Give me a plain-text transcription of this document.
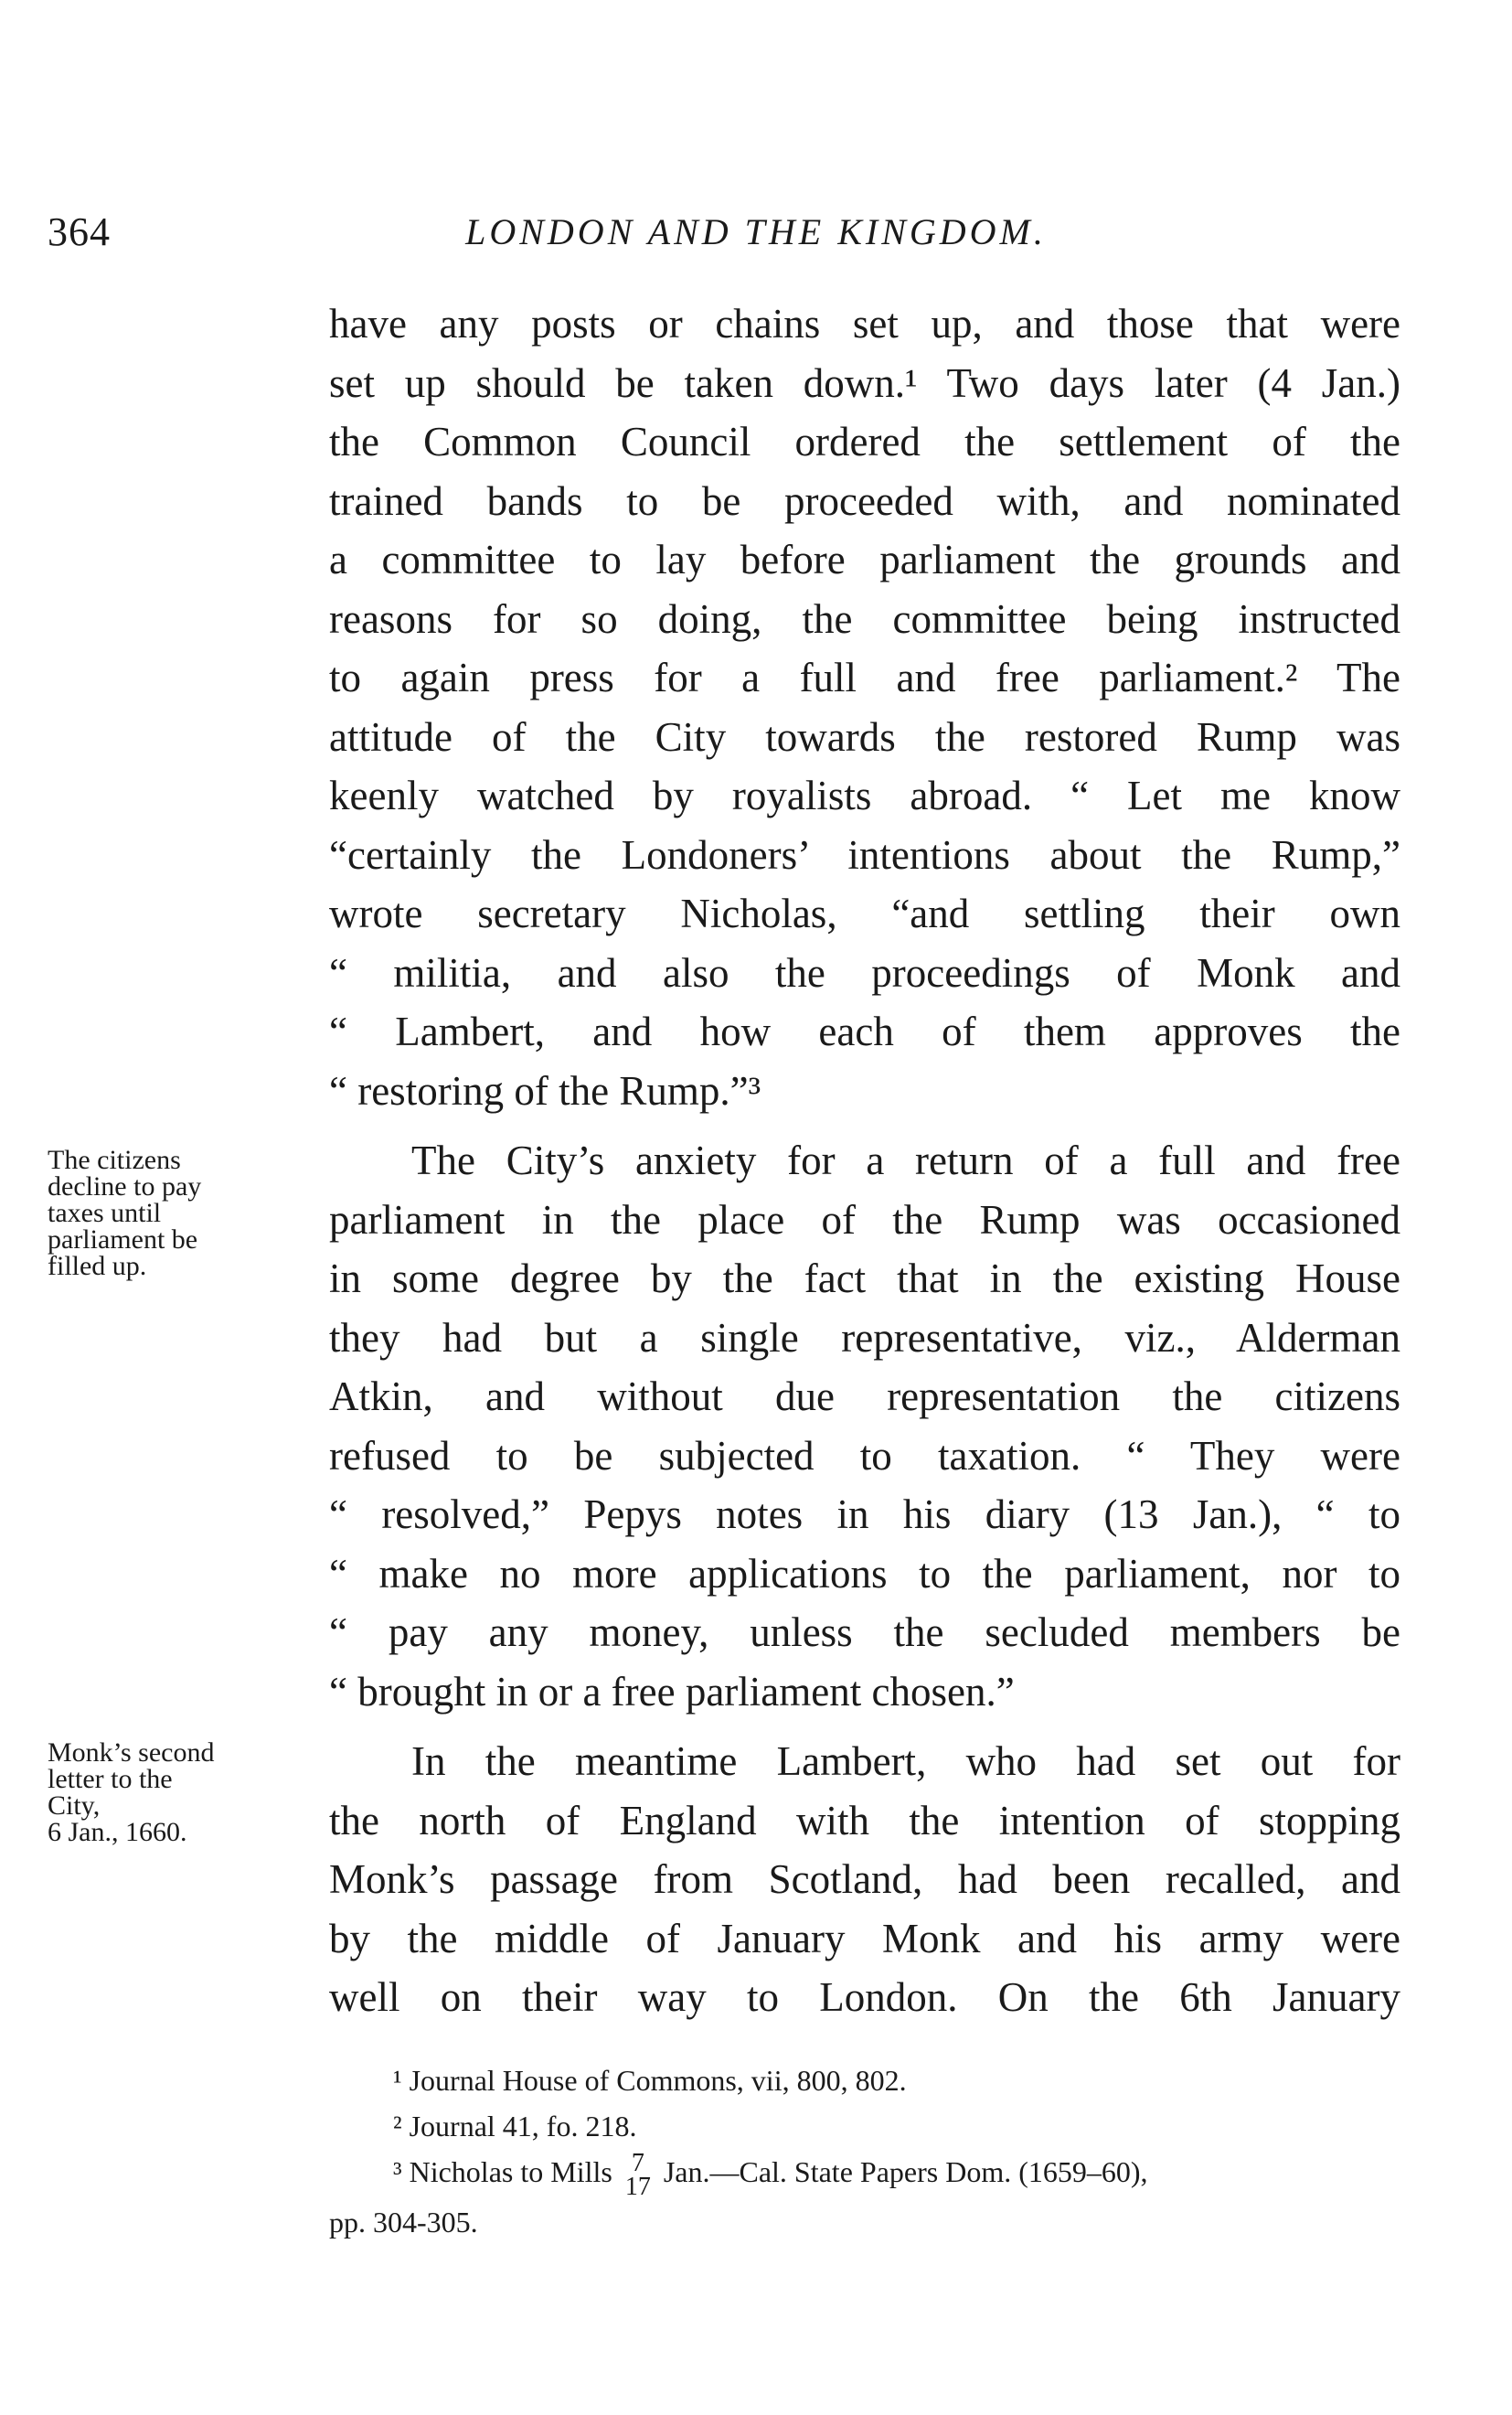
364	LONDON AND THE KINGDOM.
have any posts or chains set up, and those that were
set up should be taken down.¹ Two days later (4 Jan.)
the Common Council ordered the settlement of the
trained bands to be proceeded with, and nominated
a committee to lay before parliament the grounds and
reasons for so doing, the committee being instructed
to again press for a full and free parliament.² The
attitude of the City towards the restored Rump was
keenly watched by royalists abroad. “ Let me know
“certainly the Londoners’ intentions about the Rump,”
wrote secretary Nicholas, “and settling their own
“ militia, and also the proceedings of Monk and
“ Lambert, and how each of them approves the
“ restoring of the Rump.”³
The City’s anxiety for a return of a full and free
parliament in the place of the Rump was occasioned
in some degree by the fact that in the existing House
they had but a single representative, viz., Alderman
Atkin, and without due representation the citizens
refused to be subjected to taxation. “ They were
“ resolved,” Pepys notes in his diary (13 Jan.), “ to
“ make no more applications to the parliament, nor to
“ pay any money, unless the secluded members be
“ brought in or a free parliament chosen.”
In the meantime Lambert, who had set out for
the north of England with the intention of stopping
Monk’s passage from Scotland, had been recalled, and
by the middle of January Monk and his army were
well on their way to London. On the 6th January
The citizens
decline to pay
taxes until
parliament be
filled up.
Monk’s second
letter to the
City,
6 Jan., 1660.
¹ Journal House of Commons, vii, 800, 802.
² Journal 41, fo. 218.
³ Nicholas to Mills 7
17 Jan.—Cal. State Papers Dom. (1659–60),
pp. 304-305.
